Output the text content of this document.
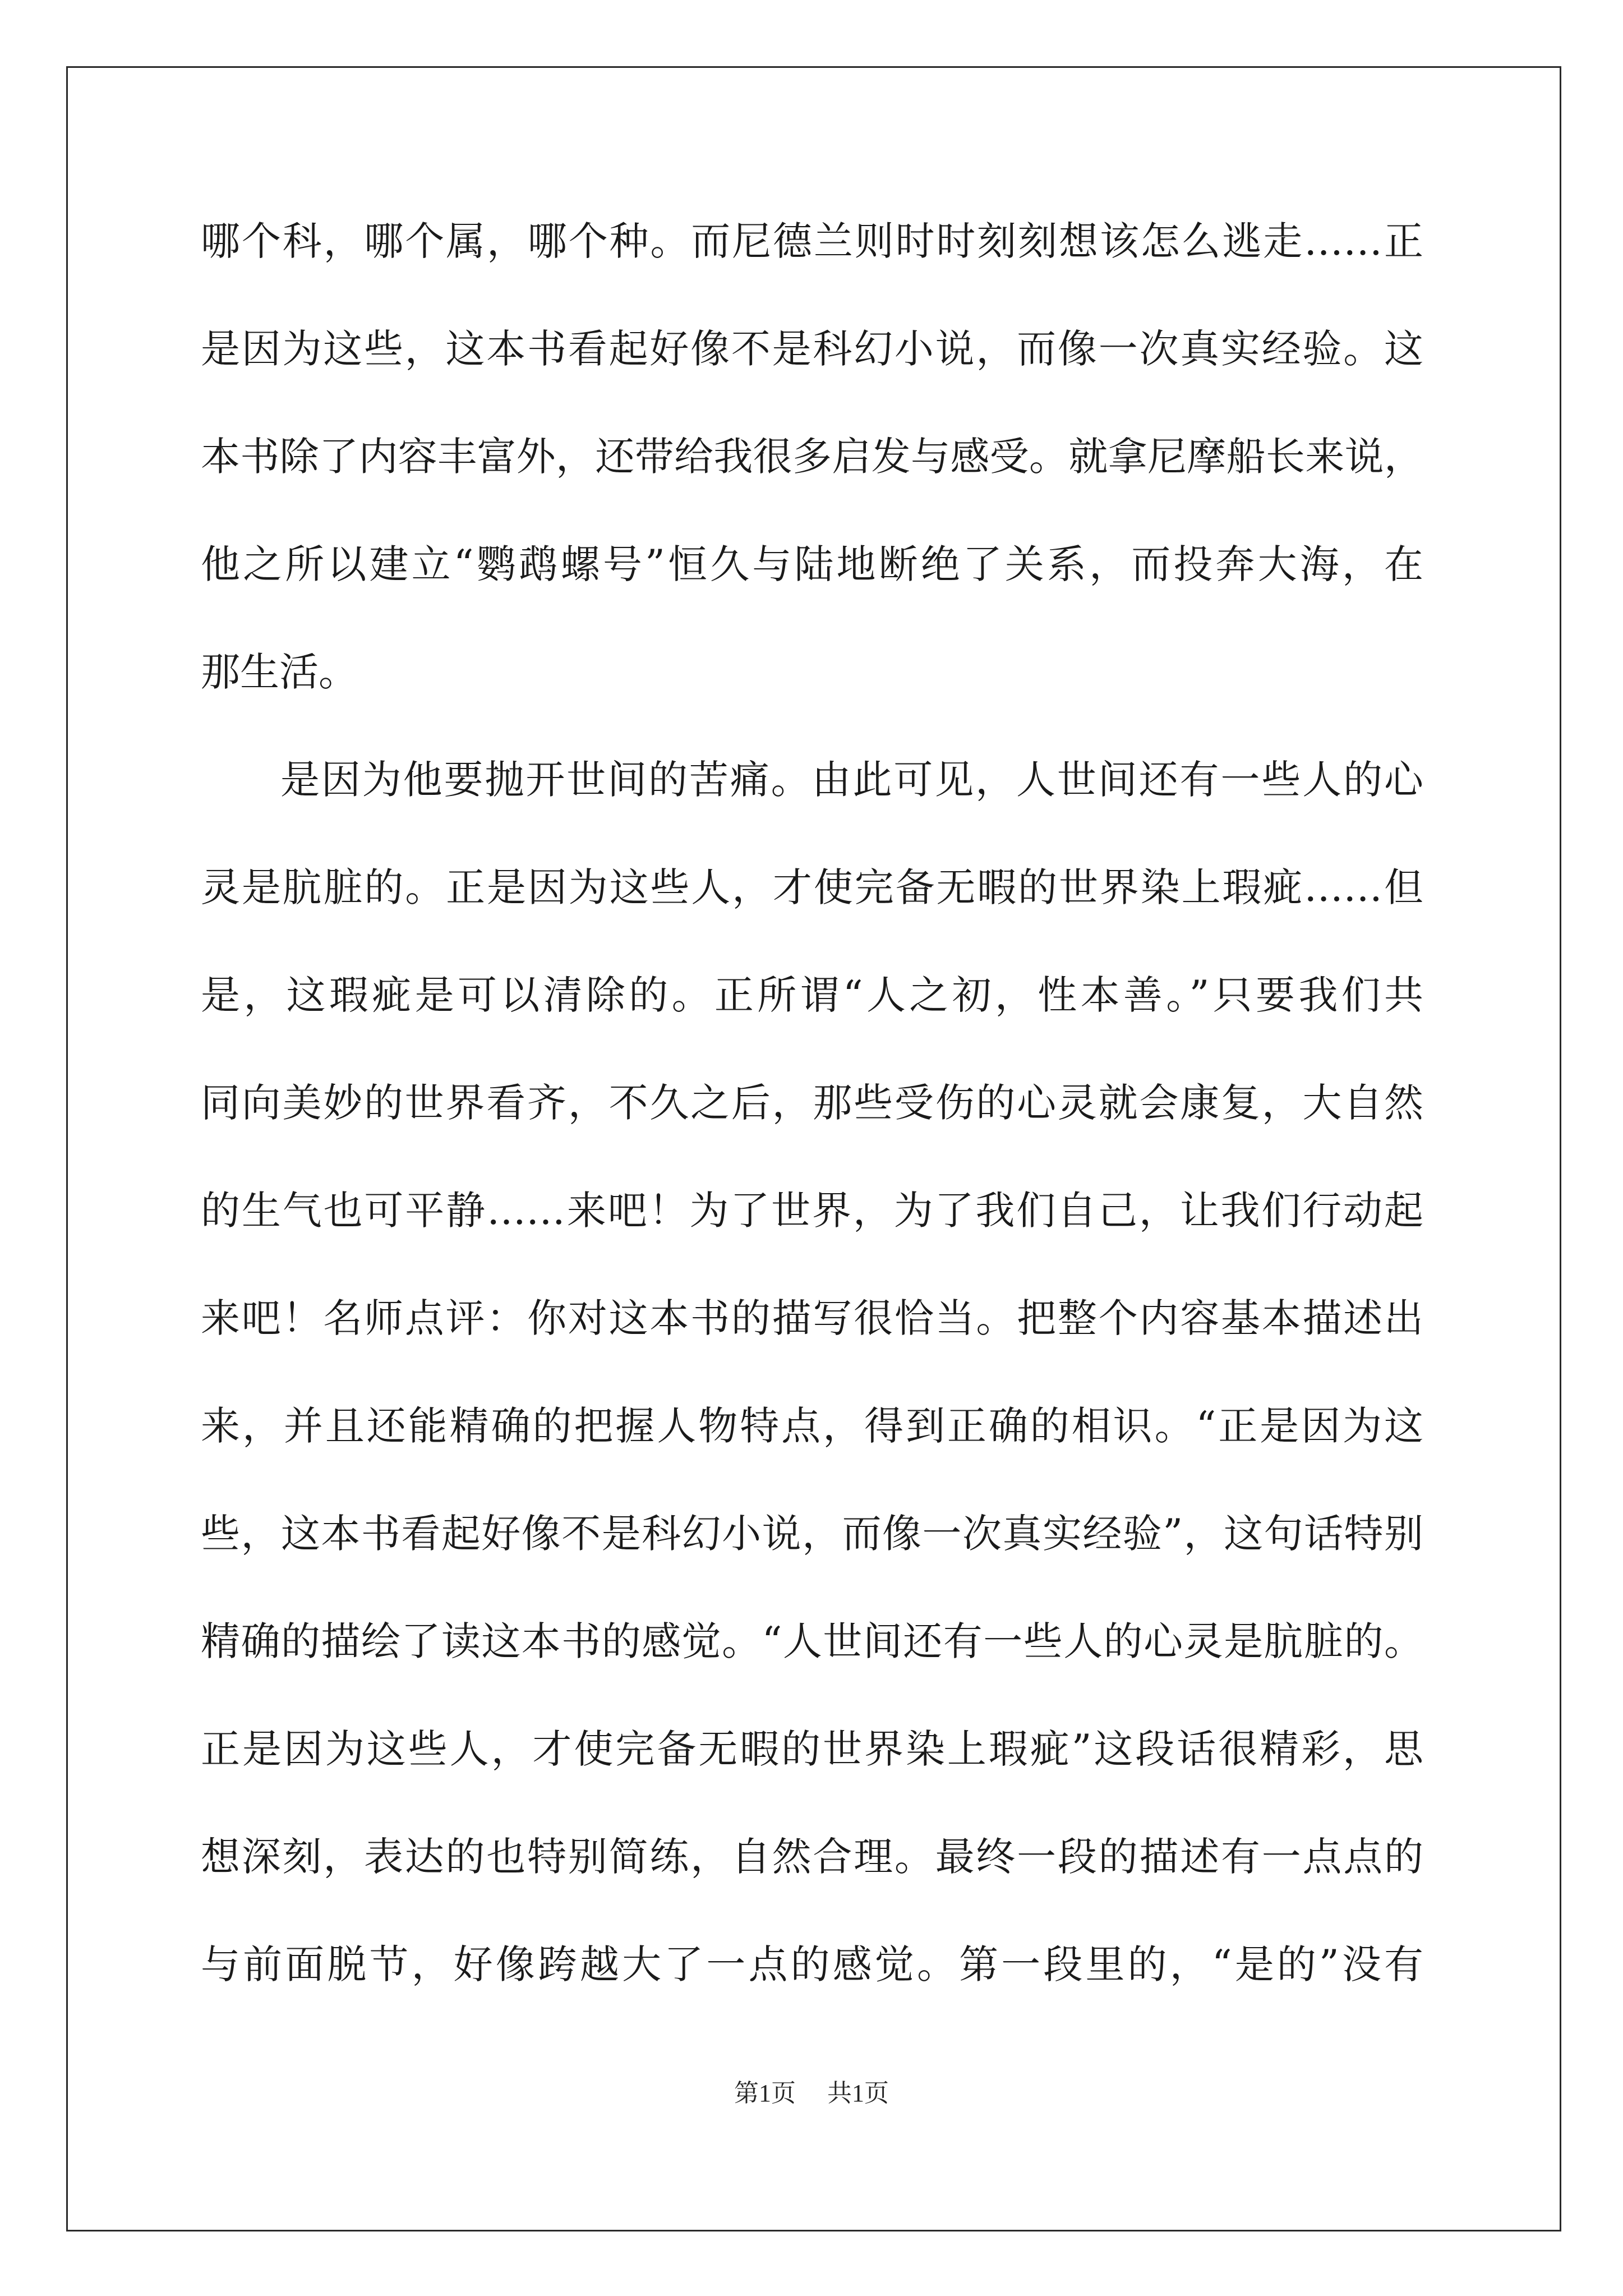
哪个科，哪个属，哪个种。而尼德兰则时时刻刻想该怎么逃走……正
是因为这些，这本书看起好像不是科幻小说，而像一次真实经验。这
本书除了内容丰富外，还带给我很多启发与感受。就拿尼摩船长来说，
他之所以建立“鹦鹉螺号”恒久与陆地断绝了关系，而投奔大海，在
那生活。
是因为他要抛开世间的苦痛。由此可见，人世间还有一些人的心
灵是肮脏的。正是因为这些人，才使完备无暇的世界染上瑕疵……但
是，这瑕疵是可以清除的。正所谓“人之初，性本善。”只要我们共
同向美妙的世界看齐，不久之后，那些受伤的心灵就会康复，大自然
的生气也可平静……来吧！为了世界，为了我们自己，让我们行动起
来吧！名师点评：你对这本书的描写很恰当。把整个内容基本描述出
来，并且还能精确的把握人物特点，得到正确的相识。“正是因为这
些，这本书看起好像不是科幻小说，而像一次真实经验”，这句话特别
精确的描绘了读这本书的感觉。“人世间还有一些人的心灵是肮脏的。
正是因为这些人，才使完备无暇的世界染上瑕疵”这段话很精彩，思
想深刻，表达的也特别简练，自然合理。最终一段的描述有一点点的
与前面脱节，好像跨越大了一点的感觉。第一段里的，“是的”没有
第1页 共1页
